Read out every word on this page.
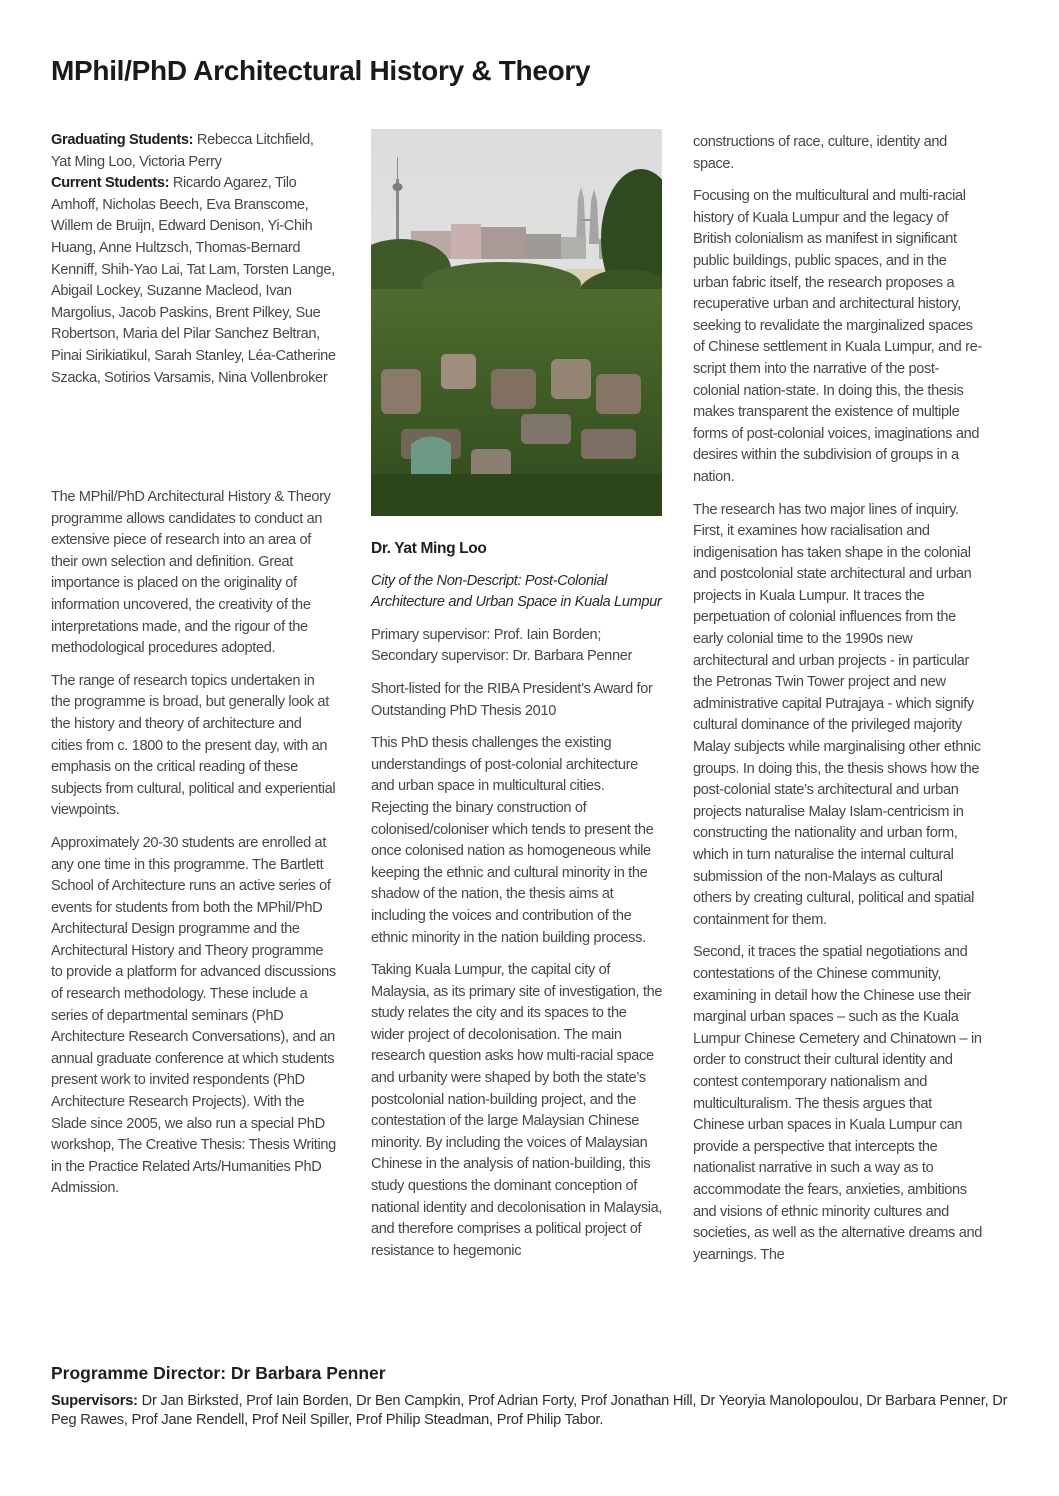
MPhil/PhD Architectural History & Theory
Graduating Students: Rebecca Litchfield, Yat Ming Loo, Victoria Perry
Current Students: Ricardo Agarez, Tilo Amhoff, Nicholas Beech, Eva Branscome, Willem de Bruijn, Edward Denison, Yi-Chih Huang, Anne Hultzsch, Thomas-Bernard Kenniff, Shih-Yao Lai, Tat Lam, Torsten Lange, Abigail Lockey, Suzanne Macleod, Ivan Margolius, Jacob Paskins, Brent Pilkey, Sue Robertson, Maria del Pilar Sanchez Beltran, Pinai Sirikiatikul, Sarah Stanley, Léa-Catherine Szacka, Sotirios Varsamis, Nina Vollenbroker

The MPhil/PhD Architectural History & Theory programme allows candidates to conduct an extensive piece of research into an area of their own selection and definition. Great importance is placed on the originality of information uncovered, the creativity of the interpretations made, and the rigour of the methodological procedures adopted.

The range of research topics undertaken in the programme is broad, but generally look at the history and theory of architecture and cities from c. 1800 to the present day, with an emphasis on the critical reading of these subjects from cultural, political and experiential viewpoints.

Approximately 20-30 students are enrolled at any one time in this programme. The Bartlett School of Architecture runs an active series of events for students from both the MPhil/PhD Architectural Design programme and the Architectural History and Theory programme to provide a platform for advanced discussions of research methodology. These include a series of departmental seminars (PhD Architecture Research Conversations), and an annual graduate conference at which students present work to invited respondents (PhD Architecture Research Projects). With the Slade since 2005, we also run a special PhD workshop, The Creative Thesis: Thesis Writing in the Practice Related Arts/Humanities PhD Admission.

Dr. Yat Ming Loo

City of the Non-Descript: Post-Colonial Architecture and Urban Space in Kuala Lumpur

Primary supervisor: Prof. Iain Borden; Secondary supervisor: Dr. Barbara Penner

Short-listed for the RIBA President’s Award for Outstanding PhD Thesis 2010

This PhD thesis challenges the existing understandings of post-colonial architecture and urban space in multicultural cities. Rejecting the binary construction of colonised/coloniser which tends to present the once colonised nation as homogeneous while keeping the ethnic and cultural minority in the shadow of the nation, the thesis aims at including the voices and contribution of the ethnic minority in the nation building process.

Taking Kuala Lumpur, the capital city of Malaysia, as its primary site of investigation, the study relates the city and its spaces to the wider project of decolonisation. The main research question asks how multi-racial space and urbanity were shaped by both the state’s postcolonial nation-building project, and the contestation of the large Malaysian Chinese minority. By including the voices of Malaysian Chinese in the analysis of nation-building, this study questions the dominant conception of national identity and decolonisation in Malaysia, and therefore comprises a political project of resistance to hegemonic

constructions of race, culture, identity and space.

Focusing on the multicultural and multi-racial history of Kuala Lumpur and the legacy of British colonialism as manifest in significant public buildings, public spaces, and in the urban fabric itself, the research proposes a recuperative urban and architectural history, seeking to revalidate the marginalized spaces of Chinese settlement in Kuala Lumpur, and re-script them into the narrative of the post-colonial nation-state. In doing this, the thesis makes transparent the existence of multiple forms of post-colonial voices, imaginations and desires within the subdivision of groups in a nation.

The research has two major lines of inquiry. First, it examines how racialisation and indigenisation has taken shape in the colonial and postcolonial state architectural and urban projects in Kuala Lumpur. It traces the perpetuation of colonial influences from the early colonial time to the 1990s new architectural and urban projects - in particular the Petronas Twin Tower project and new administrative capital Putrajaya - which signify cultural dominance of the privileged majority Malay subjects while marginalising other ethnic groups. In doing this, the thesis shows how the post-colonial state’s architectural and urban projects naturalise Malay Islam-centricism in constructing the nationality and urban form, which in turn naturalise the internal cultural submission of the non-Malays as cultural others by creating cultural, political and spatial containment for them.

Second, it traces the spatial negotiations and contestations of the Chinese community, examining in detail how the Chinese use their marginal urban spaces – such as the Kuala Lumpur Chinese Cemetery and Chinatown – in order to construct their cultural identity and contest contemporary nationalism and multiculturalism. The thesis argues that Chinese urban spaces in Kuala Lumpur can provide a perspective that intercepts the nationalist narrative in such a way as to accommodate the fears, anxieties, ambitions and visions of ethnic minority cultures and societies, as well as the alternative dreams and yearnings. The

Programme Director: Dr Barbara Penner

Supervisors: Dr Jan Birksted, Prof Iain Borden, Dr Ben Campkin, Prof Adrian Forty, Prof Jonathan Hill, Dr Yeoryia Manolopoulou, Dr Barbara Penner, Dr Peg Rawes, Prof Jane Rendell, Prof Neil Spiller, Prof Philip Steadman, Prof Philip Tabor.
